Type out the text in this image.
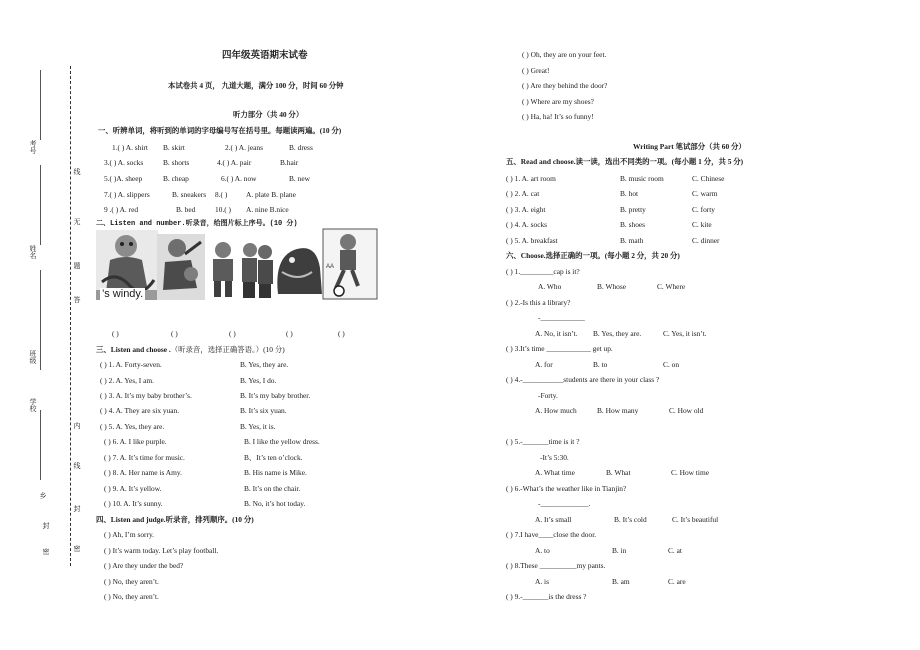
考号
姓名
班级
学校
乡
封
密
线
无
题
答
内
线
封
密
四年级英语期末试卷
本试卷共 4 页， 九道大题，满分 100 分，时间 60 分钟
听力部分（共 40 分）
一、听辨单词，将听到的单词的字母编号写在括号里。每题读两遍。(10 分)
1.( ) A. shirt B. skirt	2.( ) A. jeans	B. dress
3.( ) A. socks	B. shorts	4.( ) A. pair	B.hair
5.( )A. sheep	B. cheap	6.( ) A. now	B. new
7.( ) A. slippers	B. sneakers 8.( )	A. plate B. plane
9 .( ) A. red	B. bed	10.( ) A. nine B.nice
二、Listen and number.听录音，给图片标上序号。(10 分)
AA
’s windy.
( )	( )	( )	( )	( )
三、Listen and choose .（听录音，选择正确答语。）(10 分)
( ) 1. A. Forty-seven.	B. Yes, they are.
( ) 2. A. Yes, I am.	B. Yes, I do.
( ) 3. A. It’s my baby brother’s.	B. It’s my baby brother.
( ) 4. A. They are six yuan.	B. It’s six yuan.
( ) 5. A. Yes, they are.	B. Yes, it is.
( ) 6. A. I like purple.	B. I like the yellow dress.
( ) 7. A. It’s time for music.	B、It’s ten o’clock.
( ) 8. A. Her name is Amy.	B. His name is Mike.
( ) 9. A. It’s yellow.	B. It’s on the chair.
( ) 10. A. It’s sunny.	B. No, it’s hot today.
四、Listen and judge.听录音，排列顺序。(10 分)
( ) Ah, I’m sorry.
( ) It’s warm today. Let’s play football.
( ) Are they under the bed?
( ) No, they aren’t.
( ) No, they aren’t.
( ) Oh, they are on your feet.
( ) Great!
( ) Are they behind the door?
( ) Where are my shoes?
( ) Ha, ha! It’s so funny!
Writing Part 笔试部分（共 60 分）
五、Read and choose.读一读，选出不同类的一项。(每小题 1 分，共 5 分)
( ) 1. A. art room	B. music room	C. Chinese
( ) 2. A. cat	B. hot	C. warm
( ) 3. A. eight	B. pretty	C. forty
( ) 4. A. socks	B. shoes	C. kite
( ) 5. A. breakfast	B. math	C. dinner
六、Choose.选择正确的一项。(每小题 2 分，共 20 分)
( ) 1._________cap is it?
A. Who	B. Whose	C. Where
( ) 2.-Is this a library?
-____________
A. No, it isn’t. B. Yes, they are.	C. Yes, it isn’t.
( ) 3.It’s time ____________ get up.
A. for	B. to	C. on
( ) 4.-___________students are there in your class ?
-Forty.
A. How much	B. How many	C. How old
( ) 5.-_______time is it ?
-It’s 5:30.
A. What time	B. What	C. How time
( ) 6.-What’s the weather like in Tianjin?
-_____________.
A. It’s small	B. It’s cold	C. It’s beautiful
( ) 7.I have____close the door.
A. to	B. in	C. at
( ) 8.These __________my pants.
A. is	B. am	C. are
( ) 9.-_______is the dress ?
